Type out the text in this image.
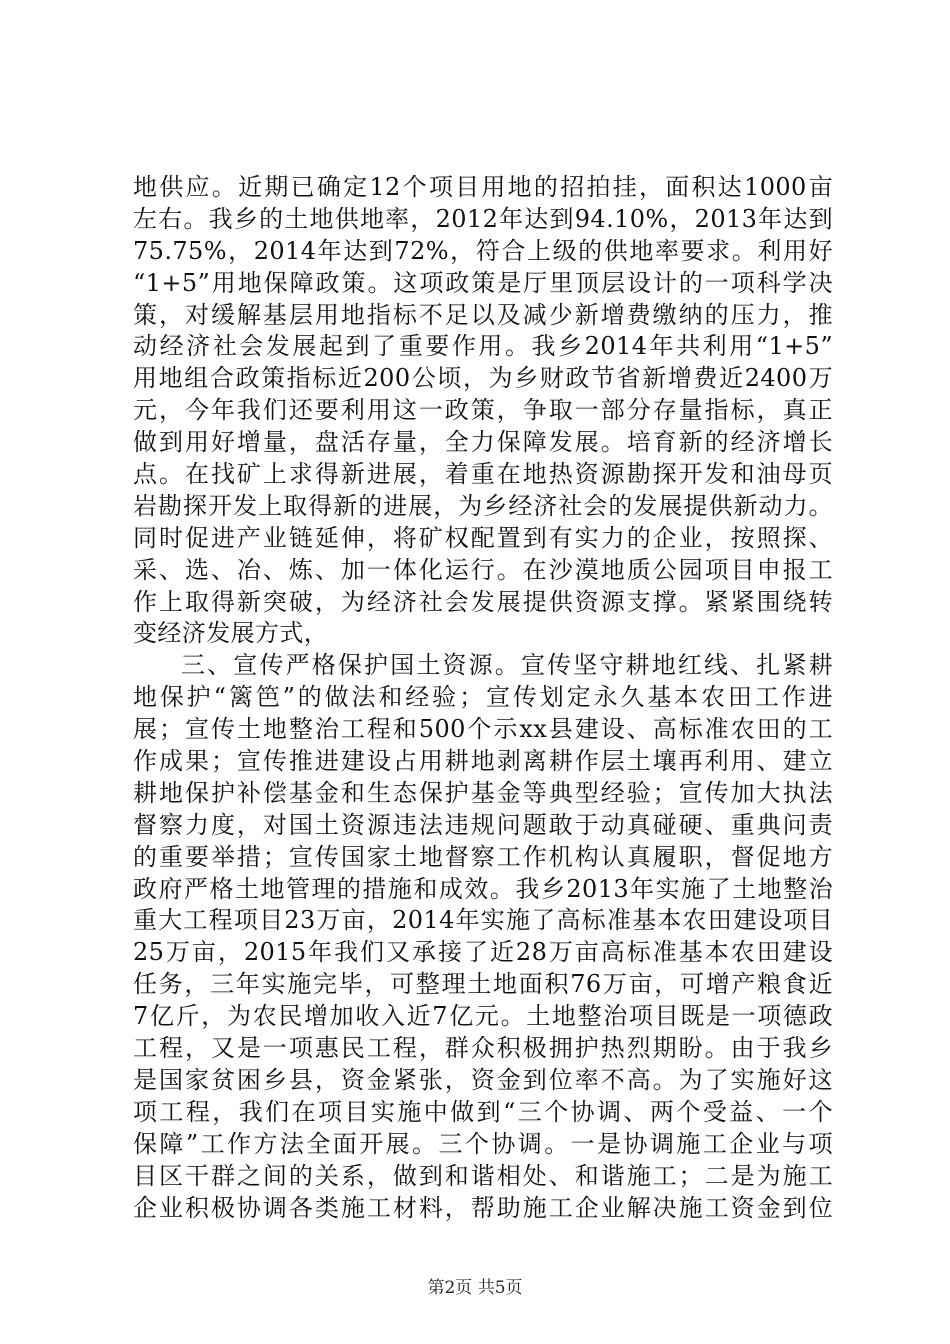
地供应。近期已确定12个项目用地的招拍挂，面积达1000亩
左右。我乡的土地供地率，2012年达到94.10%，2013年达到
75.75%，2014年达到72%，符合上级的供地率要求。利用好
“1+5”用地保障政策。这项政策是厅里顶层设计的一项科学决
策，对缓解基层用地指标不足以及减少新增费缴纳的压力，推
动经济社会发展起到了重要作用。我乡2014年共利用“1+5”
用地组合政策指标近200公顷，为乡财政节省新增费近2400万
元，今年我们还要利用这一政策，争取一部分存量指标，真正
做到用好增量，盘活存量，全力保障发展。培育新的经济增长
点。在找矿上求得新进展，着重在地热资源勘探开发和油母页
岩勘探开发上取得新的进展，为乡经济社会的发展提供新动力。
同时促进产业链延伸，将矿权配置到有实力的企业，按照探、
采、选、冶、炼、加一体化运行。在沙漠地质公园项目申报工
作上取得新突破，为经济社会发展提供资源支撑。紧紧围绕转
变经济发展方式，
三、宣传严格保护国土资源。宣传坚守耕地红线、扎紧耕
地保护“篱笆”的做法和经验；宣传划定永久基本农田工作进
展；宣传土地整治工程和500个示xx县建设、高标准农田的工
作成果；宣传推进建设占用耕地剥离耕作层土壤再利用、建立
耕地保护补偿基金和生态保护基金等典型经验；宣传加大执法
督察力度，对国土资源违法违规问题敢于动真碰硬、重典问责
的重要举措；宣传国家土地督察工作机构认真履职，督促地方
政府严格土地管理的措施和成效。我乡2013年实施了土地整治
重大工程项目23万亩，2014年实施了高标准基本农田建设项目
25万亩，2015年我们又承接了近28万亩高标准基本农田建设
任务，三年实施完毕，可整理土地面积76万亩，可增产粮食近
7亿斤，为农民增加收入近7亿元。土地整治项目既是一项德政
工程，又是一项惠民工程，群众积极拥护热烈期盼。由于我乡
是国家贫困乡县，资金紧张，资金到位率不高。为了实施好这
项工程，我们在项目实施中做到“三个协调、两个受益、一个
保障”工作方法全面开展。三个协调。一是协调施工企业与项
目区干群之间的关系，做到和谐相处、和谐施工；二是为施工
企业积极协调各类施工材料，帮助施工企业解决施工资金到位
第2页 共5页
